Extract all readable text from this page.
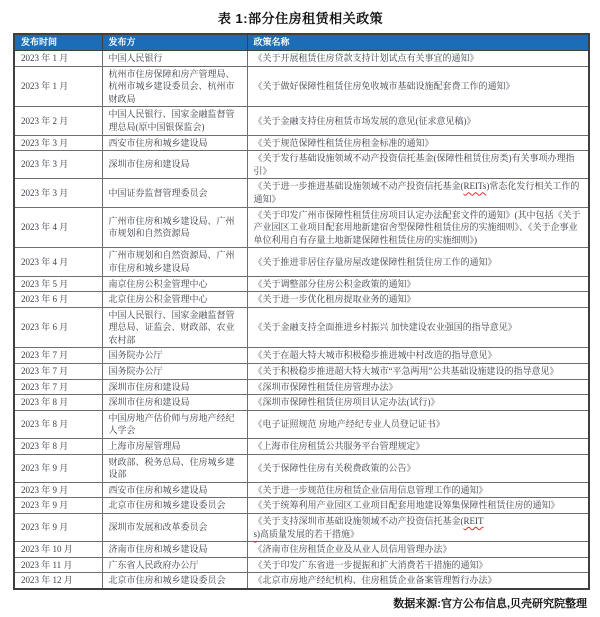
表 1:部分住房租赁相关政策
发布时间	发布方	政策名称
2023 年 1 月	中国人民银行	《关于开展租赁住房贷款支持计划试点有关事宜的通知》
2023 年 1 月	杭州市住房保障和房产管理局、杭州市城乡建设委员会、杭州市财政局	《关于做好保障性租赁住房免收城市基础设施配套费工作的通知》
2023 年 2 月	中国人民银行、国家金融监督管理总局(原中国银保监会)	《关于金融支持住房租赁市场发展的意见(征求意见稿)》
2023 年 3 月	西安市住房和城乡建设局	《关于规范保障性租赁住房租金标准的通知》
2023 年 3 月	深圳市住房和建设局	《关于发行基础设施领域不动产投资信托基金(保障性租赁住房类)有关事项办理指引》
2023 年 3 月	中国证券监督管理委员会	《关于进一步推进基础设施领域不动产投资信托基金(REITs)常态化发行相关工作的通知》
2023 年 4 月	广州市住房和城乡建设局、广州市规划和自然资源局	《关于印发广州市保障性租赁住房项目认定办法配套文件的通知》(其中包括《关于产业园区工业项目配套用地新建宿舍型保障性租赁住房的实施细则》、《关于企事业单位利用自有存量土地新建保障性租赁住房的实施细则》)
2023 年 4 月	广州市规划和自然资源局、广州市住房和城乡建设局	《关于推进非居住存量房屋改建保障性租赁住房工作的通知》
2023 年 5 月	南京住房公积金管理中心	《关于调整部分住房公积金政策的通知》
2023 年 6 月	北京住房公积金管理中心	《关于进一步优化租房提取业务的通知》
2023 年 6 月	中国人民银行、国家金融监督管理总局、证监会、财政部、农业农村部	《关于金融支持全面推进乡村振兴 加快建设农业强国的指导意见》
2023 年 7 月	国务院办公厅	《关于在超大特大城市积极稳步推进城中村改造的指导意见》
2023 年 7 月	国务院办公厅	《关于积极稳步推进超大特大城市“平急两用”公共基础设施建设的指导意见》
2023 年 7 月	深圳市住房和建设局	《深圳市保障性租赁住房管理办法》
2023 年 8 月	深圳市住房和建设局	《深圳市保障性租赁住房项目认定办法(试行)》
2023 年 8 月	中国房地产估价师与房地产经纪人学会	《电子证照规范 房地产经纪专业人员登记证书》
2023 年 8 月	上海市房屋管理局	《上海市住房租赁公共服务平台管理规定》
2023 年 9 月	财政部、税务总局、住房城乡建设部	《关于保障性住房有关税费政策的公告》
2023 年 9 月	西安市住房和城乡建设局	《关于进一步规范住房租赁企业信用信息管理工作的通知》
2023 年 9 月	北京市住房和城乡建设委员会	《关于统筹利用产业园区工业项目配套用地建设筹集保障性租赁住房的通知》
2023 年 9 月	深圳市发展和改革委员会	《关于支持深圳市基础设施领域不动产投资信托基金(REITs)高质量发展的若干措施》
2023 年 10 月	济南市住房和城乡建设局	《济南市住房租赁企业及从业人员信用管理办法》
2023 年 11 月	广东省人民政府办公厅	《关于印发广东省进一步提振和扩大消费若干措施的通知》
2023 年 12 月	北京市住房和城乡建设委员会	《北京市房地产经纪机构、住房租赁企业备案管理暂行办法》
数据来源:官方公布信息,贝壳研究院整理
